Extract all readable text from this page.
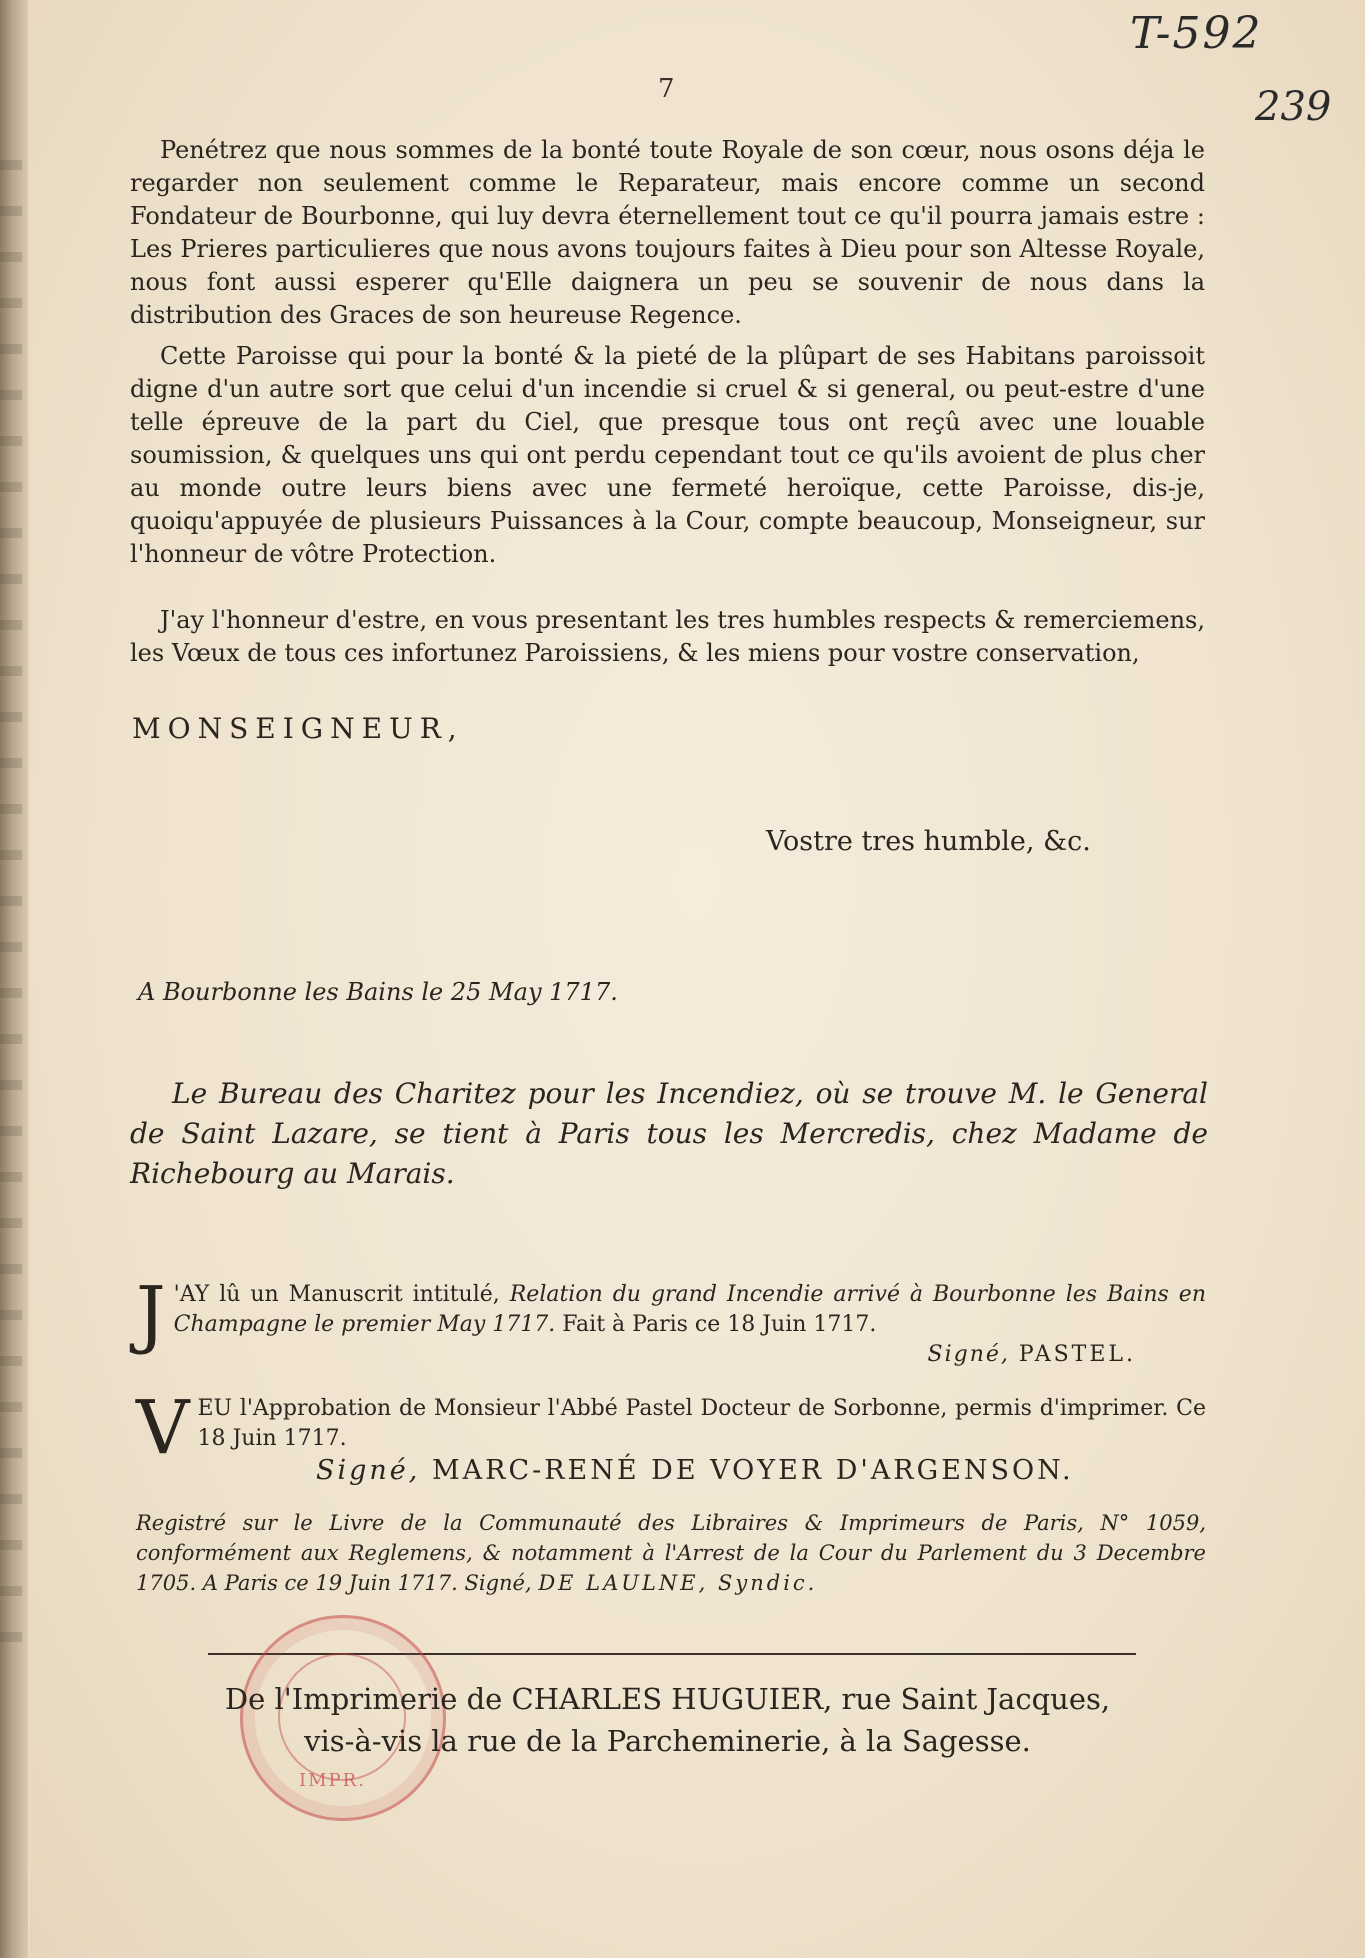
T-592
239
7

Penétrez que nous sommes de la bonté toute Royale de son cœur, nous osons déja le regarder non seulement comme le Reparateur, mais encore comme un second Fondateur de Bourbonne, qui luy devra éternellement tout ce qu'il pourra jamais estre : Les Prieres particulieres que nous avons toujours faites à Dieu pour son Altesse Royale, nous font aussi esperer qu'Elle daignera un peu se souvenir de nous dans la distribution des Graces de son heureuse Regence.

Cette Paroisse qui pour la bonté & la pieté de la plûpart de ses Habitans paroissoit digne d'un autre sort que celui d'un incendie si cruel & si general, ou peut-estre d'une telle épreuve de la part du Ciel, que presque tous ont reçû avec une louable soumission, & quelques uns qui ont perdu cependant tout ce qu'ils avoient de plus cher au monde outre leurs biens avec une fermeté heroïque, cette Paroisse, dis-je, quoiqu'appuyée de plusieurs Puissances à la Cour, compte beaucoup, Monseigneur, sur l'honneur de vôtre Protection.

J'ay l'honneur d'estre, en vous presentant les tres humbles respects & remerciemens, les Vœux de tous ces infortunez Paroissiens, & les miens pour vostre conservation,

MONSEIGNEUR,
Vostre tres humble, &c.
A Bourbonne les Bains le 25 May 1717.

Le Bureau des Charitez pour les Incendiez, où se trouve M. le General de Saint Lazare, se tient à Paris tous les Mercredis, chez Madame de Richebourg au Marais.

J 'AY lû un Manuscrit intitulé, Relation du grand Incendie arrivé à Bourbonne les Bains en Champagne le premier May 1717. Fait à Paris ce 18 Juin 1717.
Signé, PASTEL.
V EU l'Approbation de Monsieur l'Abbé Pastel Docteur de Sorbonne, permis d'imprimer. Ce 18 Juin 1717.
Signé, MARC-RENÉ DE VOYER D'ARGENSON.
Registré sur le Livre de la Communauté des Libraires & Imprimeurs de Paris, N° 1059, conformément aux Reglemens, & notamment à l'Arrest de la Cour du Parlement du 3 Decembre 1705. A Paris ce 19 Juin 1717. Signé, DE LAULNE, Syndic.
IMPR.
De l'Imprimerie de CHARLES HUGUIER, rue Saint Jacques,
vis-à-vis la rue de la Parcheminerie, à la Sagesse.
